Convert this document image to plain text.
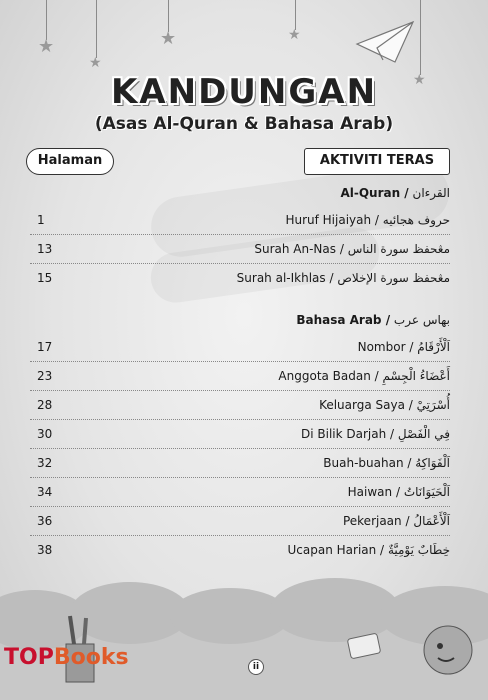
★
★
★	★
★
KANDUNGAN
(Asas Al-Quran & Bahasa Arab)
Halaman	AKTIVITI TERAS
Al-Quran / القرءان
1	Huruf Hijaiyah / حروف هجائيه
13	Surah An-Nas / مڠحفظ سورة الناس
15	Surah al-Ikhlas / مڠحفظ سورة الإخلاص
Bahasa Arab / بهاس عرب
17	Nombor / اَلْأَرْقَامُ
23	Anggota Badan / أَعْضَاءُ الْجِسْمِ
28	Keluarga Saya / أُسْرَتِيْ
30	Di Bilik Darjah / فِي الْفَصْلِ
32	Buah-buahan / اَلْفَوَاكِهُ
34	Haiwan / اَلْحَيَوَانَاتُ
36	Pekerjaan / اَلْأَعْمَالُ
38	Ucapan Harian / خِطَابٌ يَوْمِيَّةٌ
TOPBooks	ii
